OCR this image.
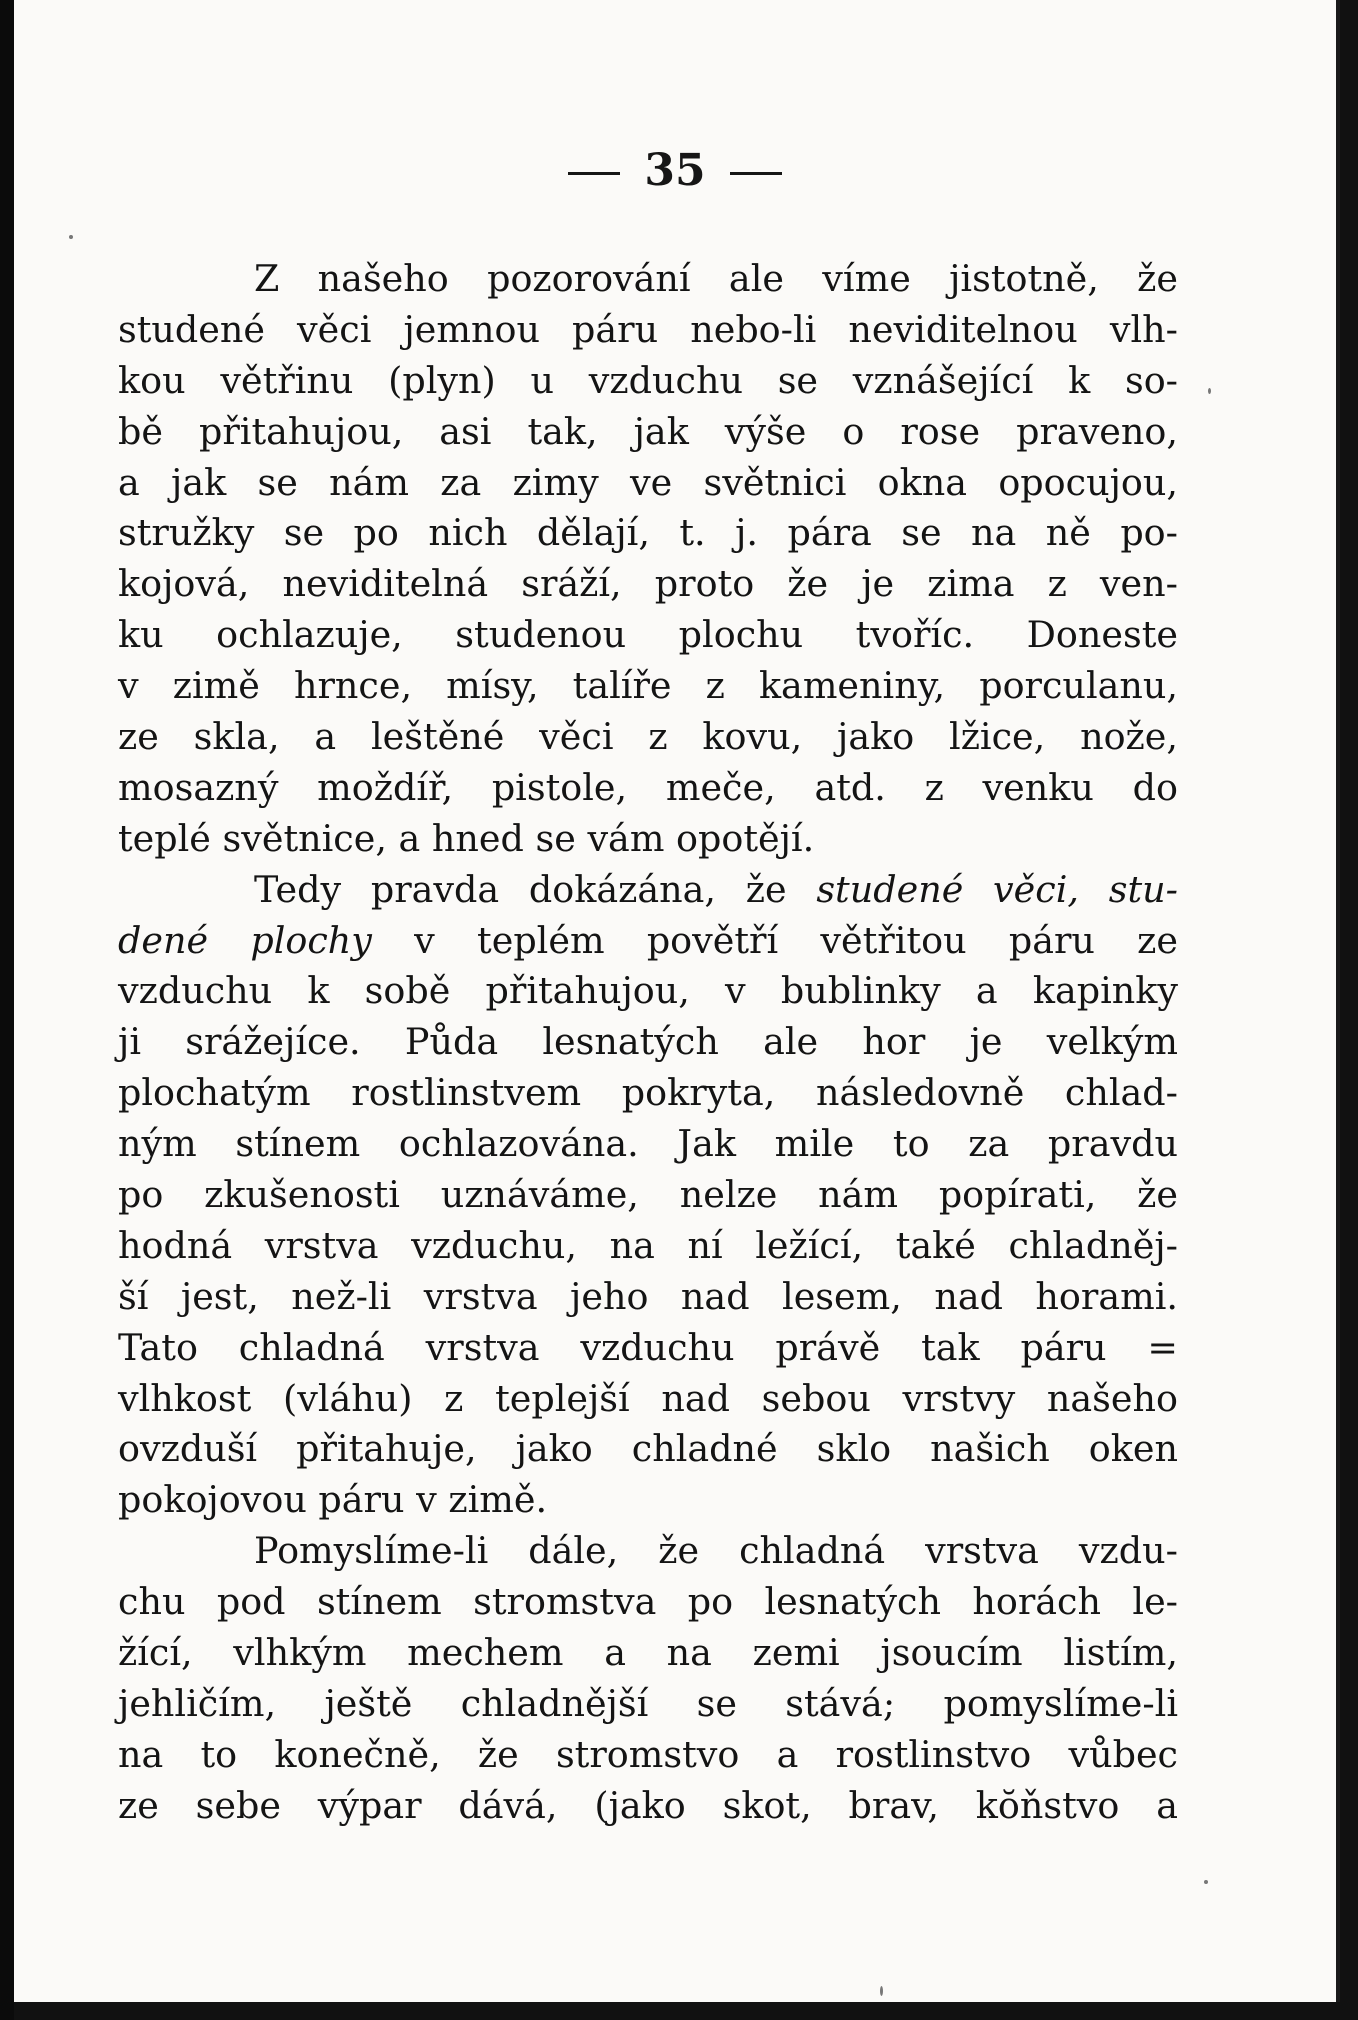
35
Z našeho pozorování ale víme jistotně, že
studené věci jemnou páru nebo-li neviditelnou vlh-
kou větřinu (plyn) u vzduchu se vznášející k so-
bě přitahujou, asi tak, jak výše o rose praveno,
a jak se nám za zimy ve světnici okna opocujou,
stružky se po nich dělají, t. j. pára se na ně po-
kojová, neviditelná sráží, proto že je zima z ven-
ku ochlazuje, studenou plochu tvoříc. Doneste
v zimě hrnce, mísy, talíře z kameniny, porculanu,
ze skla, a leštěné věci z kovu, jako lžice, nože,
mosazný moždíř, pistole, meče, atd. z venku do
teplé světnice, a hned se vám opotějí.
Tedy pravda dokázána, že studené věci, stu-
dené plochy v teplém povětří větřitou páru ze
vzduchu k sobě přitahujou, v bublinky a kapinky
ji srážejíce. Půda lesnatých ale hor je velkým
plochatým rostlinstvem pokryta, následovně chlad-
ným stínem ochlazována. Jak mile to za pravdu
po zkušenosti uznáváme, nelze nám popírati, že
hodná vrstva vzduchu, na ní ležící, také chladněj-
ší jest, než-li vrstva jeho nad lesem, nad horami.
Tato chladná vrstva vzduchu právě tak páru =
vlhkost (vláhu) z teplejší nad sebou vrstvy našeho
ovzduší přitahuje, jako chladné sklo našich oken
pokojovou páru v zimě.
Pomyslíme-li dále, že chladná vrstva vzdu-
chu pod stínem stromstva po lesnatých horách le-
žící, vlhkým mechem a na zemi jsoucím listím,
jehličím, ještě chladnější se stává; pomyslíme-li
na to konečně, že stromstvo a rostlinstvo vůbec
ze sebe výpar dává, (jako skot, brav, kŏňstvo a
